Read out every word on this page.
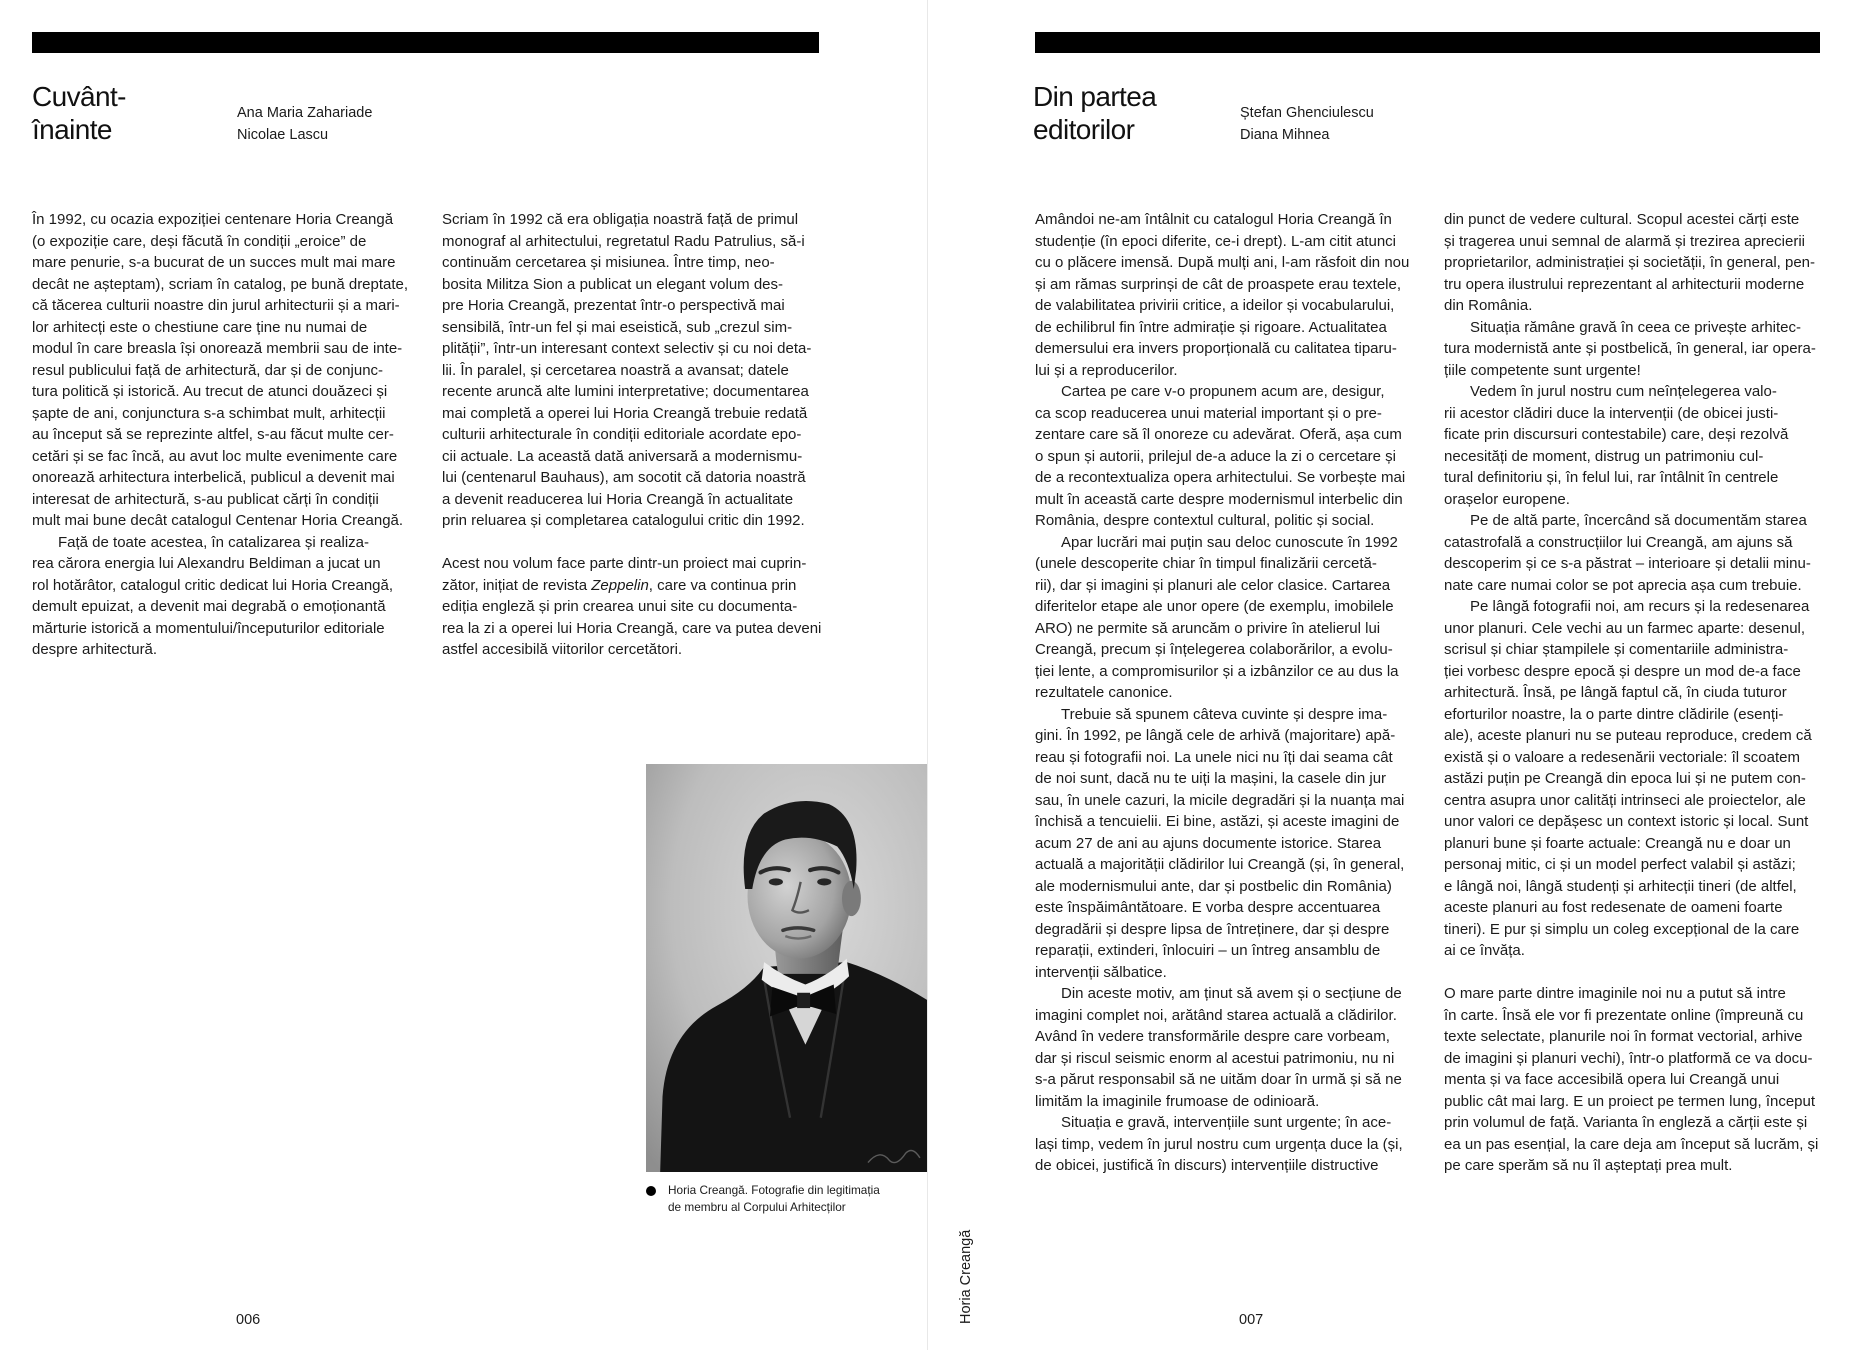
Cuvânt-
înainte
Ana Maria Zahariade
Nicolae Lascu

În 1992, cu ocazia expoziției centenare Horia Creangă
(o expoziție care, deși făcută în condiții „eroice” de
mare penurie, s-a bucurat de un succes mult mai mare
decât ne așteptam), scriam în catalog, pe bună dreptate,
că tăcerea culturii noastre din jurul arhitecturii și a mari-
lor arhitecți este o chestiune care ține nu numai de
modul în care breasla își onorează membrii sau de inte-
resul publicului față de arhitectură, dar și de conjunc-
tura politică și istorică. Au trecut de atunci douăzeci și
șapte de ani, conjunctura s-a schimbat mult, arhitecții
au început să se reprezinte altfel, s-au făcut multe cer-
cetări și se fac încă, au avut loc multe evenimente care
onorează arhitectura interbelică, publicul a devenit mai
interesat de arhitectură, s-au publicat cărți în condiții
mult mai bune decât catalogul Centenar Horia Creangă.

Față de toate acestea, în catalizarea și realiza-
rea cărora energia lui Alexandru Beldiman a jucat un
rol hotărâtor, catalogul critic dedicat lui Horia Creangă,
demult epuizat, a devenit mai degrabă o emoționantă
mărturie istorică a momentului/începuturilor editoriale
despre arhitectură.

Scriam în 1992 că era obligația noastră față de primul
monograf al arhitectului, regretatul Radu Patrulius, să-i
continuăm cercetarea și misiunea. Între timp, neo-
bosita Militza Sion a publicat un elegant volum des-
pre Horia Creangă, prezentat într-o perspectivă mai
sensibilă, într-un fel și mai eseistică, sub „crezul sim-
plității”, într-un interesant context selectiv și cu noi deta-
lii. În paralel, și cercetarea noastră a avansat; datele
recente aruncă alte lumini interpretative; documentarea
mai completă a operei lui Horia Creangă trebuie redată
culturii arhitecturale în condiții editoriale acordate epo-
cii actuale. La această dată aniversară a modernismu-
lui (centenarul Bauhaus), am socotit că datoria noastră
a devenit readucerea lui Horia Creangă în actualitate
prin reluarea și completarea catalogului critic din 1992.

Acest nou volum face parte dintr-un proiect mai cuprin-
zător, inițiat de revista Zeppelin, care va continua prin
ediția engleză și prin crearea unui site cu documenta-
rea la zi a operei lui Horia Creangă, care va putea deveni
astfel accesibilă viitorilor cercetători.

Horia Creangă. Fotografie din legitimația
de membru al Corpului Arhitecților

006
Din partea
editorilor
Ștefan Ghenciulescu
Diana Mihnea

Amândoi ne-am întâlnit cu catalogul Horia Creangă în
studenție (în epoci diferite, ce-i drept). L-am citit atunci
cu o plăcere imensă. După mulți ani, l-am răsfoit din nou
și am rămas surprinși de cât de proaspete erau textele,
de valabilitatea privirii critice, a ideilor și vocabularului,
de echilibrul fin între admirație și rigoare. Actualitatea
demersului era invers proporțională cu calitatea tiparu-
lui și a reproducerilor.

Cartea pe care v-o propunem acum are, desigur,
ca scop readucerea unui material important și o pre-
zentare care să îl onoreze cu adevărat. Oferă, așa cum
o spun și autorii, prilejul de-a aduce la zi o cercetare și
de a recontextualiza opera arhitectului. Se vorbește mai
mult în această carte despre modernismul interbelic din
România, despre contextul cultural, politic și social.

Apar lucrări mai puțin sau deloc cunoscute în 1992
(unele descoperite chiar în timpul finalizării cercetă-
rii), dar și imagini și planuri ale celor clasice. Cartarea
diferitelor etape ale unor opere (de exemplu, imobilele
ARO) ne permite să aruncăm o privire în atelierul lui
Creangă, precum și înțelegerea colaborărilor, a evolu-
ției lente, a compromisurilor și a izbânzilor ce au dus la
rezultatele canonice.

Trebuie să spunem câteva cuvinte și despre ima-
gini. În 1992, pe lângă cele de arhivă (majoritare) apă-
reau și fotografii noi. La unele nici nu îți dai seama cât
de noi sunt, dacă nu te uiți la mașini, la casele din jur
sau, în unele cazuri, la micile degradări și la nuanța mai
închisă a tencuielii. Ei bine, astăzi, și aceste imagini de
acum 27 de ani au ajuns documente istorice. Starea
actuală a majorității clădirilor lui Creangă (și, în general,
ale modernismului ante, dar și postbelic din România)
este înspăimântătoare. E vorba despre accentuarea
degradării și despre lipsa de întreținere, dar și despre
reparații, extinderi, înlocuiri – un întreg ansamblu de
intervenții sălbatice.

Din aceste motiv, am ținut să avem și o secțiune de
imagini complet noi, arătând starea actuală a clădirilor.
Având în vedere transformările despre care vorbeam,
dar și riscul seismic enorm al acestui patrimoniu, nu ni
s-a părut responsabil să ne uităm doar în urmă și să ne
limităm la imaginile frumoase de odinioară.

Situația e gravă, intervențiile sunt urgente; în ace-
lași timp, vedem în jurul nostru cum urgența duce la (și,
de obicei, justifică în discurs) intervențiile distructive

din punct de vedere cultural. Scopul acestei cărți este
și tragerea unui semnal de alarmă și trezirea aprecierii
proprietarilor, administrației și societății, în general, pen-
tru opera ilustrului reprezentant al arhitecturii moderne
din România.

Situația rămâne gravă în ceea ce privește arhitec-
tura modernistă ante și postbelică, în general, iar opera-
țiile competente sunt urgente!

Vedem în jurul nostru cum neînțelegerea valo-
rii acestor clădiri duce la intervenții (de obicei justi-
ficate prin discursuri contestabile) care, deși rezolvă
necesități de moment, distrug un patrimoniu cul-
tural definitoriu și, în felul lui, rar întâlnit în centrele
orașelor europene.

Pe de altă parte, încercând să documentăm starea
catastrofală a construcțiilor lui Creangă, am ajuns să
descoperim și ce s-a păstrat – interioare și detalii minu-
nate care numai color se pot aprecia așa cum trebuie.

Pe lângă fotografii noi, am recurs și la redesenarea
unor planuri. Cele vechi au un farmec aparte: desenul,
scrisul și chiar ștampilele și comentariile administra-
ției vorbesc despre epocă și despre un mod de-a face
arhitectură. Însă, pe lângă faptul că, în ciuda tuturor
eforturilor noastre, la o parte dintre clădirile (esenți-
ale), aceste planuri nu se puteau reproduce, credem că
există și o valoare a redesenării vectoriale: îl scoatem
astăzi puțin pe Creangă din epoca lui și ne putem con-
centra asupra unor calități intrinseci ale proiectelor, ale
unor valori ce depășesc un context istoric și local. Sunt
planuri bune și foarte actuale: Creangă nu e doar un
personaj mitic, ci și un model perfect valabil și astăzi;
e lângă noi, lângă studenți și arhitecții tineri (de altfel,
aceste planuri au fost redesenate de oameni foarte
tineri). E pur și simplu un coleg excepțional de la care
ai ce învăța.

O mare parte dintre imaginile noi nu a putut să intre
în carte. Însă ele vor fi prezentate online (împreună cu
texte selectate, planurile noi în format vectorial, arhive
de imagini și planuri vechi), într-o platformă ce va docu-
menta și va face accesibilă opera lui Creangă unui
public cât mai larg. E un proiect pe termen lung, început
prin volumul de față. Varianta în engleză a cărții este și
ea un pas esențial, la care deja am început să lucrăm, și
pe care sperăm să nu îl așteptați prea mult.

Horia Creangă	007
